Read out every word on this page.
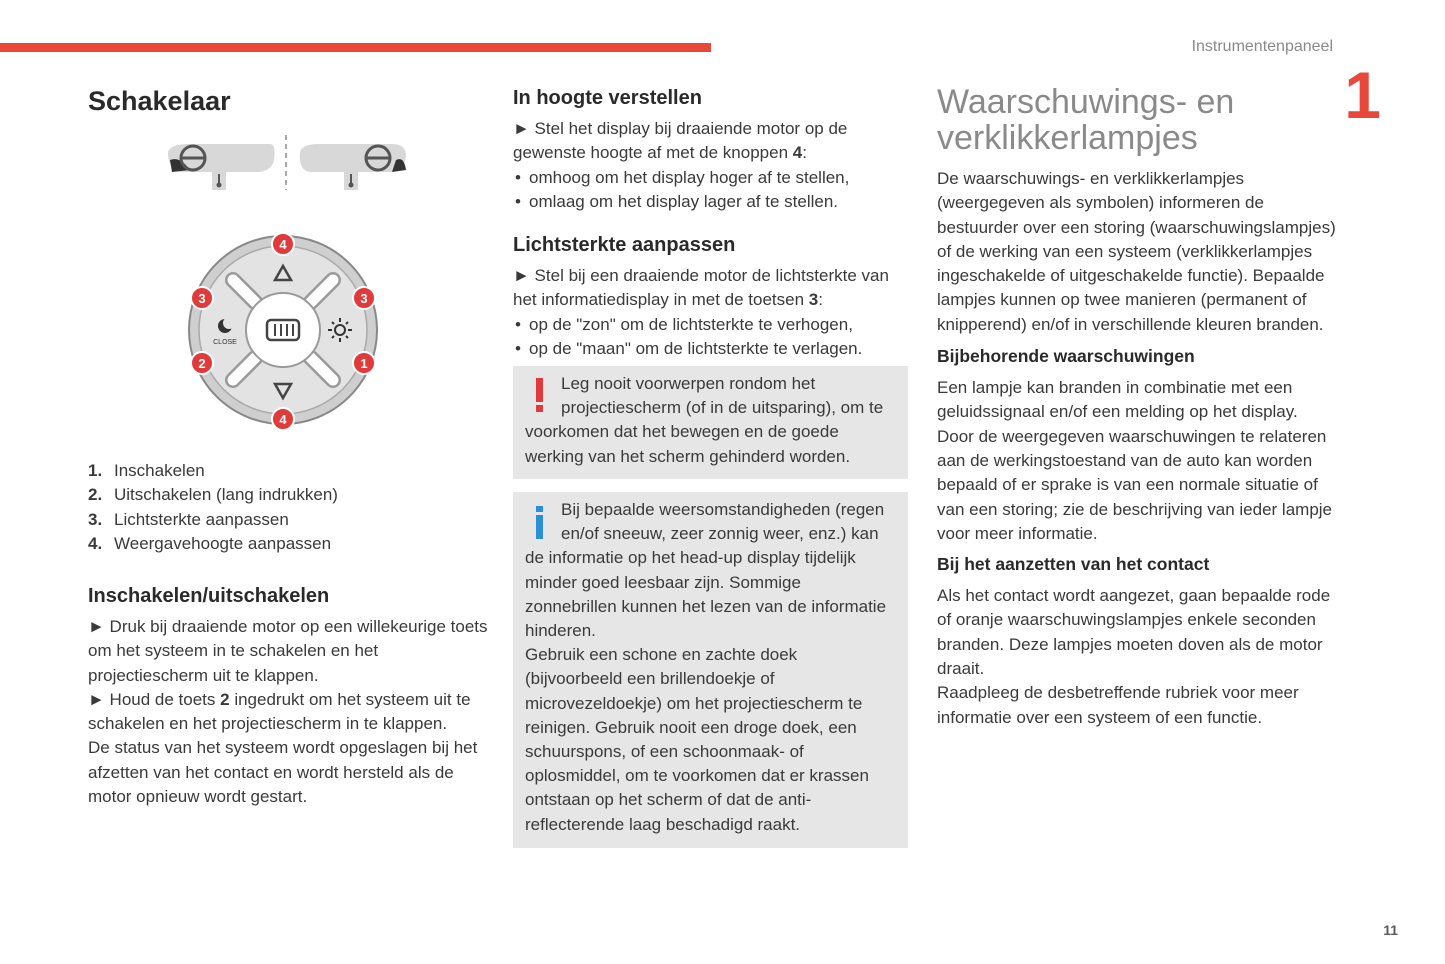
Instrumentenpaneel
1
11
Schakelaar
CLOSE
4
4
3	3
2	1
1. Inschakelen
2. Uitschakelen (lang indrukken)
3. Lichtsterkte aanpassen
4. Weergavehoogte aanpassen
Inschakelen/uitschakelen

► Druk bij draaiende motor op een willekeurige toets om het systeem in te schakelen en het projectiescherm uit te klappen.

► Houd de toets 2 ingedrukt om het systeem uit te schakelen en het projectiescherm in te klappen.

De status van het systeem wordt opgeslagen bij het afzetten van het contact en wordt hersteld als de motor opnieuw wordt gestart.

In hoogte verstellen

► Stel het display bij draaiende motor op de gewenste hoogte af met de knoppen 4:

• omhoog om het display hoger af te stellen,
• omlaag om het display lager af te stellen.
Lichtsterkte aanpassen

► Stel bij een draaiende motor de lichtsterkte van het informatiedisplay in met de toetsen 3:

• op de "zon" om de lichtsterkte te verhogen,
• op de "maan" om de lichtsterkte te verlagen.

Leg nooit voorwerpen rondom het projectiescherm (of in de uitsparing), om te voorkomen dat het bewegen en de goede werking van het scherm gehinderd worden.

Bij bepaalde weersomstandigheden (regen en/of sneeuw, zeer zonnig weer, enz.) kan de informatie op het head-up display tijdelijk minder goed leesbaar zijn. Sommige zonnebrillen kunnen het lezen van de informatie hinderen.

Gebruik een schone en zachte doek (bijvoorbeeld een brillendoekje of microvezeldoekje) om het projectiescherm te reinigen. Gebruik nooit een droge doek, een schuurspons, of een schoonmaak- of oplosmiddel, om te voorkomen dat er krassen ontstaan op het scherm of dat de anti-reflecterende laag beschadigd raakt.

Waarschuwings- en verklikkerlampjes

De waarschuwings- en verklikkerlampjes (weergegeven als symbolen) informeren de bestuurder over een storing (waarschuwingslampjes) of de werking van een systeem (verklikkerlampjes ingeschakelde of uitgeschakelde functie). Bepaalde lampjes kunnen op twee manieren (permanent of knipperend) en/of in verschillende kleuren branden.

Bijbehorende waarschuwingen

Een lampje kan branden in combinatie met een geluidssignaal en/of een melding op het display. Door de weergegeven waarschuwingen te relateren aan de werkingstoestand van de auto kan worden bepaald of er sprake is van een normale situatie of van een storing; zie de beschrijving van ieder lampje voor meer informatie.

Bij het aanzetten van het contact

Als het contact wordt aangezet, gaan bepaalde rode of oranje waarschuwingslampjes enkele seconden branden. Deze lampjes moeten doven als de motor draait.

Raadpleeg de desbetreffende rubriek voor meer informatie over een systeem of een functie.
